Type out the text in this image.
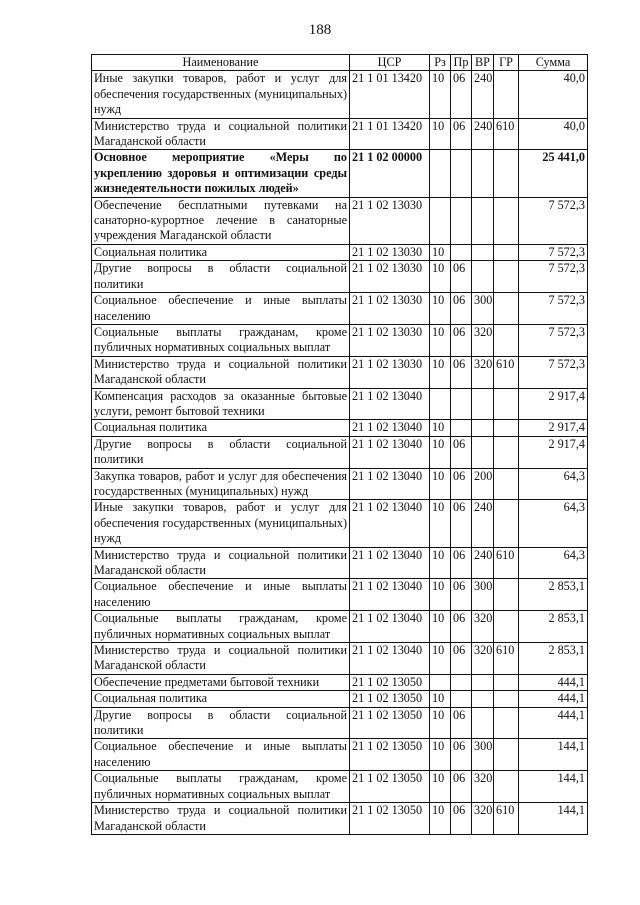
188
Наименование	ЦСР	Рз	Пр	ВР	ГР	Сумма
Иные закупки товаров, работ и услуг для обеспечения государственных (муниципальных) нужд	21 1 01 13420	10	06	240		40,0
Министерство труда и социальной политики Магаданской области	21 1 01 13420	10	06	240	610	40,0
Основное мероприятие «Меры по укреплению здоровья и оптимизации среды жизнедеятельности пожилых людей»	21 1 02 00000					25 441,0
Обеспечение бесплатными путевками на санаторно-курортное лечение в санаторные учреждения Магаданской области	21 1 02 13030					7 572,3
Социальная политика	21 1 02 13030	10				7 572,3
Другие вопросы в области социальной политики	21 1 02 13030	10	06			7 572,3
Социальное обеспечение и иные выплаты населению	21 1 02 13030	10	06	300		7 572,3
Социальные выплаты гражданам, кроме публичных нормативных социальных выплат	21 1 02 13030	10	06	320		7 572,3
Министерство труда и социальной политики Магаданской области	21 1 02 13030	10	06	320	610	7 572,3
Компенсация расходов за оказанные бытовые услуги, ремонт бытовой техники	21 1 02 13040					2 917,4
Социальная политика	21 1 02 13040	10				2 917,4
Другие вопросы в области социальной политики	21 1 02 13040	10	06			2 917,4
Закупка товаров, работ и услуг для обеспечения государственных (муниципальных) нужд	21 1 02 13040	10	06	200		64,3
Иные закупки товаров, работ и услуг для обеспечения государственных (муниципальных) нужд	21 1 02 13040	10	06	240		64,3
Министерство труда и социальной политики Магаданской области	21 1 02 13040	10	06	240	610	64,3
Социальное обеспечение и иные выплаты населению	21 1 02 13040	10	06	300		2 853,1
Социальные выплаты гражданам, кроме публичных нормативных социальных выплат	21 1 02 13040	10	06	320		2 853,1
Министерство труда и социальной политики Магаданской области	21 1 02 13040	10	06	320	610	2 853,1
Обеспечение предметами бытовой техники	21 1 02 13050					444,1
Социальная политика	21 1 02 13050	10				444,1
Другие вопросы в области социальной политики	21 1 02 13050	10	06			444,1
Социальное обеспечение и иные выплаты населению	21 1 02 13050	10	06	300		144,1
Социальные выплаты гражданам, кроме публичных нормативных социальных выплат	21 1 02 13050	10	06	320		144,1
Министерство труда и социальной политики Магаданской области	21 1 02 13050	10	06	320	610	144,1
